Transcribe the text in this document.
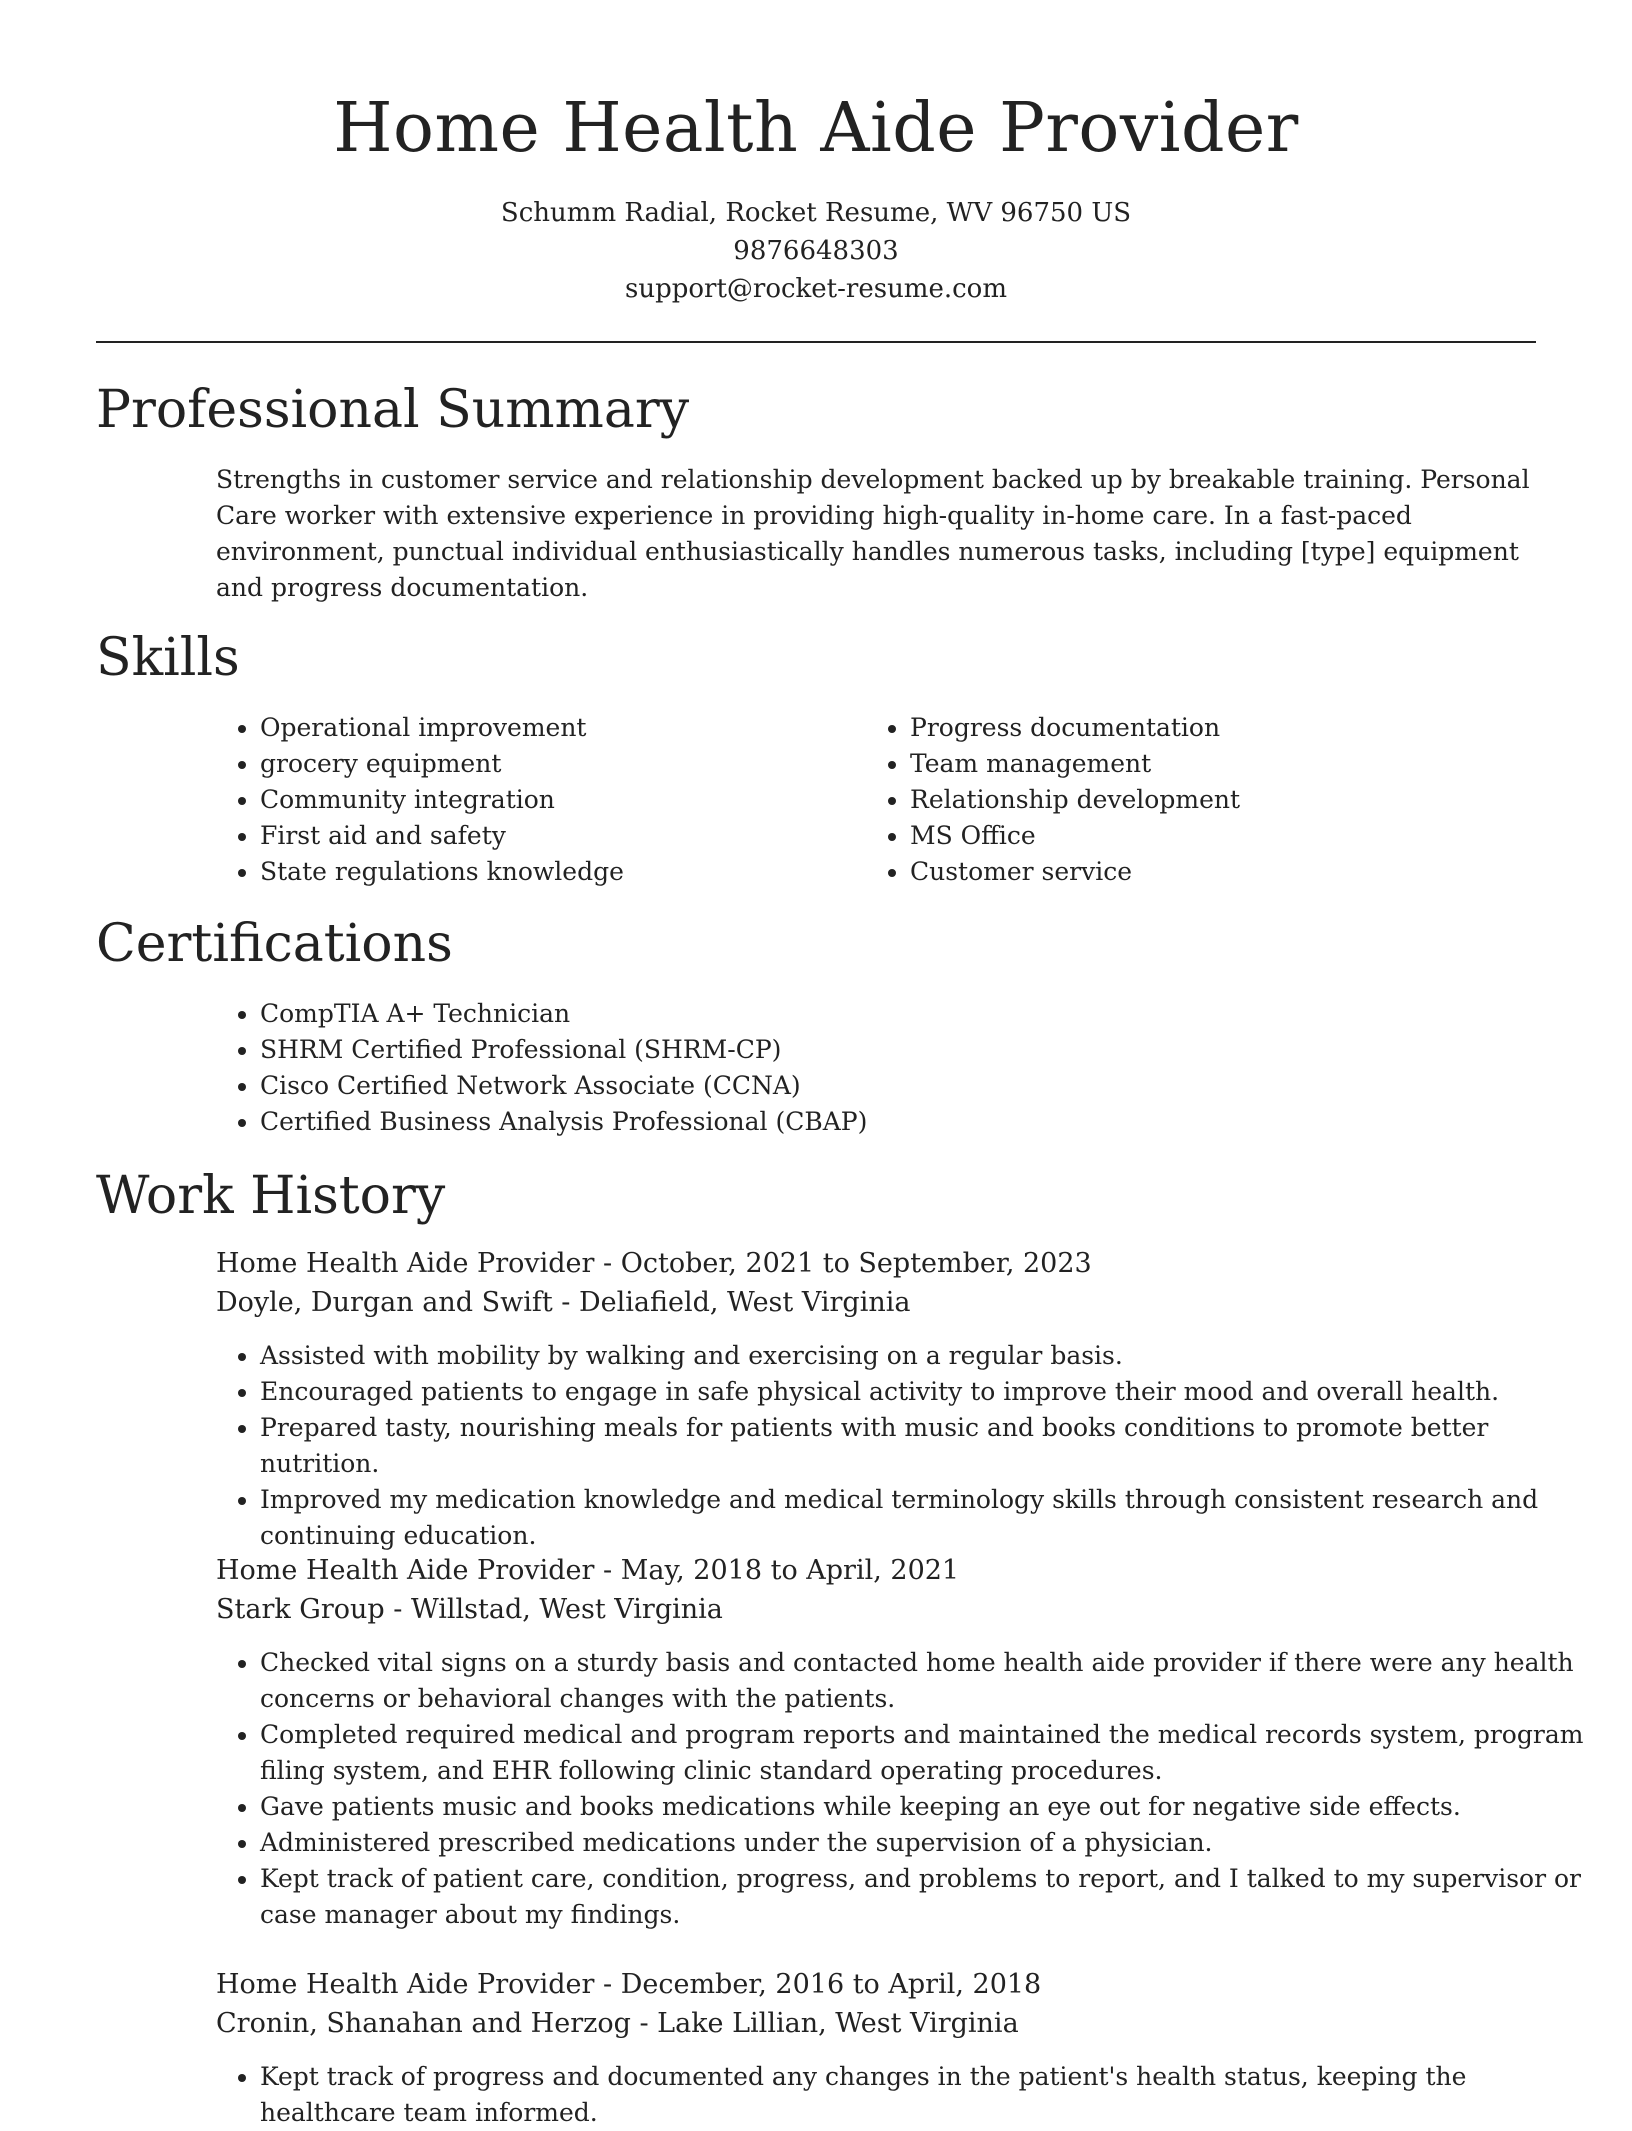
Home Health Aide Provider
Schumm Radial, Rocket Resume, WV 96750 US
9876648303
support@rocket-resume.com
Professional Summary

Strengths in customer service and relationship development backed up by breakable training. Personal Care worker with extensive experience in providing high-quality in-home care. In a fast-paced environment, punctual individual enthusiastically handles numerous tasks, including [type] equipment and progress documentation.

Skills
• Operational improvement
• grocery equipment
• Community integration
• First aid and safety
• State regulations knowledge
• Progress documentation
• Team management
• Relationship development
• MS Office
• Customer service
Certifications
• CompTIA A+ Technician
• SHRM Certified Professional (SHRM-CP)
• Cisco Certified Network Associate (CCNA)
• Certified Business Analysis Professional (CBAP)
Work History
Home Health Aide Provider - October, 2021 to September, 2023
Doyle, Durgan and Swift - Deliafield, West Virginia
• Assisted with mobility by walking and exercising on a regular basis.
• Encouraged patients to engage in safe physical activity to improve their mood and overall health.
• Prepared tasty, nourishing meals for patients with music and books conditions to promote better nutrition.
• Improved my medication knowledge and medical terminology skills through consistent research and continuing education.
Home Health Aide Provider - May, 2018 to April, 2021
Stark Group - Willstad, West Virginia
• Checked vital signs on a sturdy basis and contacted home health aide provider if there were any health concerns or behavioral changes with the patients.
• Completed required medical and program reports and maintained the medical records system, program filing system, and EHR following clinic standard operating procedures.
• Gave patients music and books medications while keeping an eye out for negative side effects.
• Administered prescribed medications under the supervision of a physician.
• Kept track of patient care, condition, progress, and problems to report, and I talked to my supervisor or case manager about my findings.
Home Health Aide Provider - December, 2016 to April, 2018
Cronin, Shanahan and Herzog - Lake Lillian, West Virginia
• Kept track of progress and documented any changes in the patient's health status, keeping the healthcare team informed.
